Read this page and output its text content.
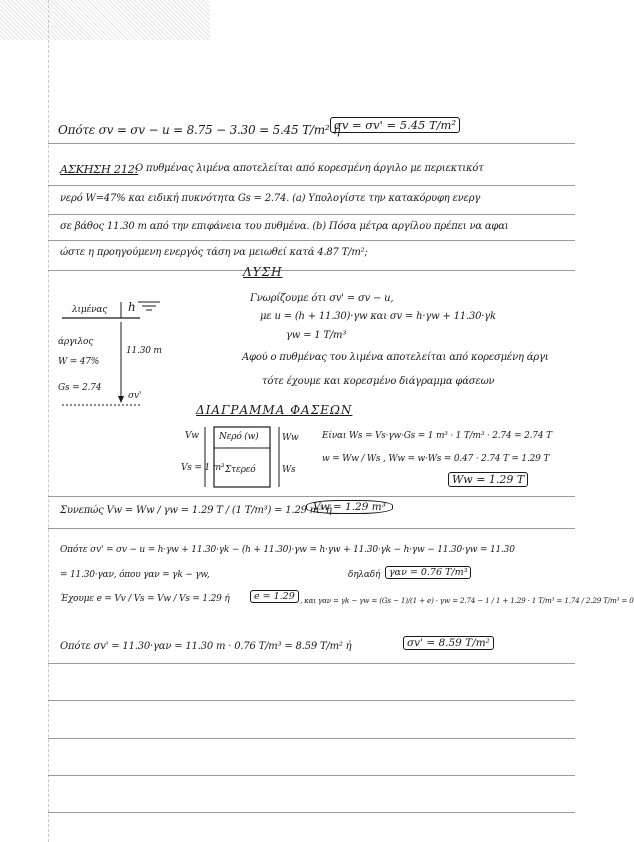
Οπότε σv = σv − u = 8.75 − 3.30 = 5.45 T/m² ή
σv = σv' = 5.45 T/m²
ΑΣΚΗΣΗ 212:
Ο πυθμένας λιμένα αποτελείται από κορεσμένη άργιλο με περιεκτικότ
νερό W=47% και ειδική πυκνότητα Gs = 2.74. (a) Υπολογίστε την κατακόρυφη ενεργ
σε βάθος 11.30 m από την επιφάνεια του πυθμένα. (b) Πόσα μέτρα αργίλου πρέπει να αφαι
ώστε η προηγούμενη ενεργός τάση να μειωθεί κατά 4.87 T/m²;
ΛΥΣΗ
λιμένας h
άργιλος
W = 47%
Gs = 2.74
11.30 m
σv'
Γνωρίζουμε ότι σv' = σv − u,
με u = (h + 11.30)·γw και σv = h·γw + 11.30·γk
γw = 1 T/m³
Αφού ο πυθμένας του λιμένα αποτελείται από κορεσμένη άργι
τότε έχουμε και κορεσμένο διάγραμμα φάσεων
ΔΙΑΓΡΑΜΜΑ ΦΑΣΕΩΝ
Vw
Vs = 1 m³
Νερό (w)
Στερεό
Ww
Ws
Είναι Ws = Vs·γw·Gs = 1 m³ · 1 T/m³ · 2.74 = 2.74 T
w = Ww / Ws , Ww = w·Ws = 0.47 · 2.74 T = 1.29 T
Ww = 1.29 T
Συνεπώς Vw = Ww / γw = 1.29 T / (1 T/m³) = 1.29 m³ ή
Vw = 1.29 m³
Οπότε σv' = σv − u = h·γw + 11.30·γk − (h + 11.30)·γw = h·γw + 11.30·γk − h·γw − 11.30·γw = 11.30
= 11.30·γαν, όπου γαν = γk − γw,	δηλαδή γαν = 0.76 T/m³
Έχουμε e = Vv / Vs = Vw / Vs = 1.29 ή	e = 1.29 , και γαν = γk − γw = (Gs − 1)/(1 + e) · γw = 2.74 − 1 / 1 + 1.29 · 1 T/m³ = 1.74 / 2.29 T/m³ = 0
Οπότε σv' = 11.30·γαν = 11.30 m · 0.76 T/m³ = 8.59 T/m² ή	σv' = 8.59 T/m²
